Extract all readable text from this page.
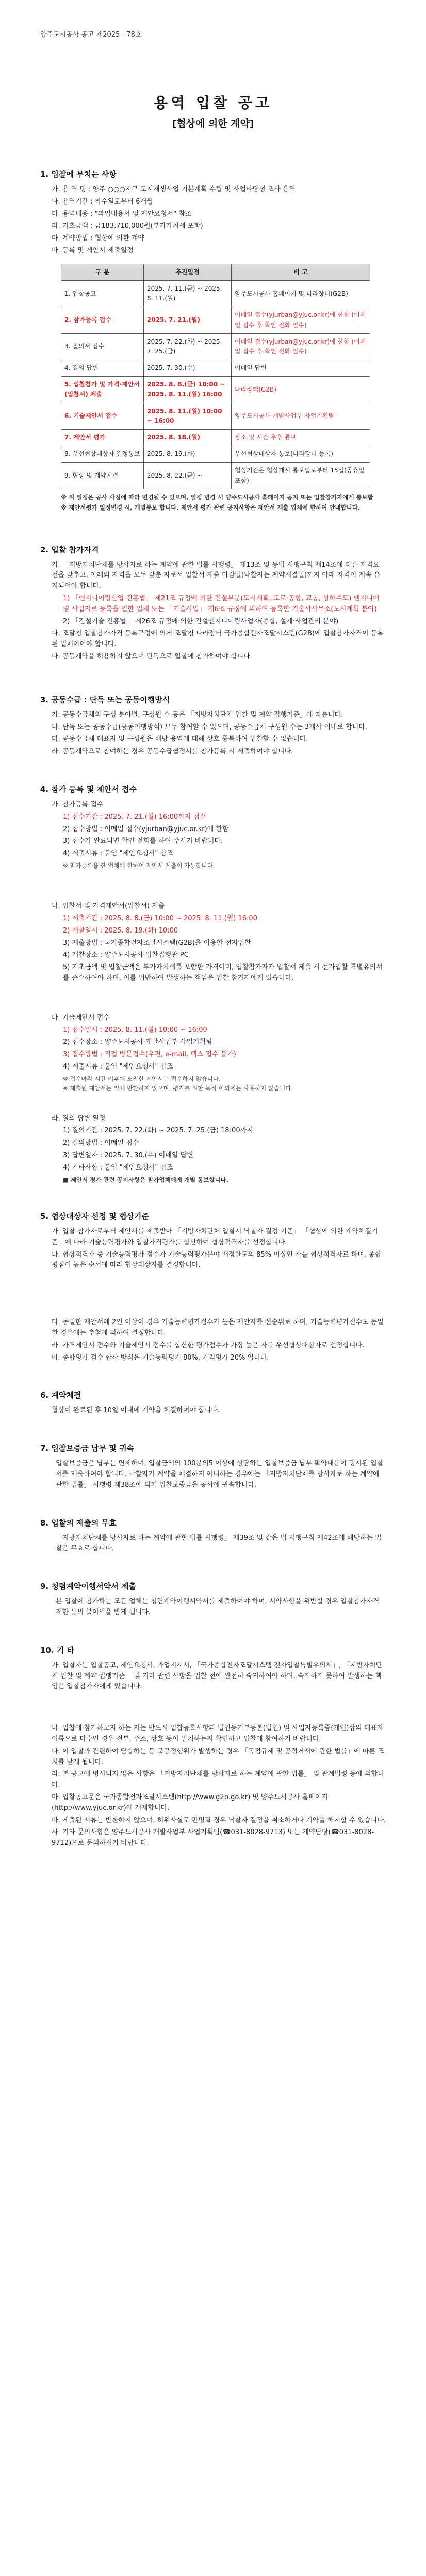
양주도시공사 공고 제2025 - 78호
용역 입찰 공고
[협상에 의한 계약]
1. 입찰에 부치는 사항
가. 용 역 명 : 양주 ○○○지구 도시재생사업 기본계획 수립 및 사업타당성 조사 용역
나. 용역기간 : 착수일로부터 6개월
다. 용역내용 : "과업내용서 및 제안요청서" 참조
라. 기초금액 : 금183,710,000원(부가가치세 포함)
마. 계약방법 : 협상에 의한 계약
바. 등록 및 제안서 제출일정
구 분	추진일정	비 고
1. 입찰공고	2025. 7. 11.(금) ~ 2025. 8. 11.(월)	양주도시공사 홈페이지 및 나라장터(G2B)
2. 참가등록 접수	2025. 7. 21.(월)	이메일 접수(yjurban@yjuc.or.kr)에 한함 (이메일 접수 후 확인 전화 필수)
3. 질의서 접수	2025. 7. 22.(화) ~ 2025. 7. 25.(금)	이메일 접수(yjurban@yjuc.or.kr)에 한함 (이메일 접수 후 확인 전화 필수)
4. 질의 답변	2025. 7. 30.(수)	이메일 답변
5. 입찰참가 및 가격·제안서(입찰서) 제출	2025. 8. 8.(금) 10:00 ~ 2025. 8. 11.(월) 16:00	나라장터(G2B)
6. 기술제안서 접수	2025. 8. 11.(월) 10:00 ~ 16:00	양주도시공사 개발사업부 사업기획팀
7. 제안서 평가	2025. 8. 18.(월)	장소 및 시간 추후 통보
8. 우선협상대상자 결정통보	2025. 8. 19.(화)	우선협상대상자 통보(나라장터 등록)
9. 협상 및 계약체결	2025. 8. 22.(금) ~	협상기간은 협상개시 통보일로부터 15일(공휴일포함)
※ 위 일정은 공사 사정에 따라 변경될 수 있으며, 일정 변경 시 양주도시공사 홈페이지 공지 또는 입찰참가자에게 통보함
※ 제안서평가 일정변경 시, 개별통보 합니다. 제안서 평가 관련 공지사항은 제안서 제출 업체에 한하여 안내합니다.
2. 입찰 참가자격
가. 「지방자치단체를 당사자로 하는 계약에 관한 법률 시행령」 제13조 및 동법 시행규칙 제14조에 따른 자격요건을 갖추고, 아래의 자격을 모두 갖춘 자로서 입찰서 제출 마감일(낙찰자는 계약체결일)까지 아래 자격이 계속 유지되어야 합니다.
1) 「엔지니어링산업 진흥법」 제21조 규정에 의한 건설부문(도시계획, 도로·공항, 교통, 상하수도) 엔지니어링 사업자로 등록을 필한 업체 또는 「기술사법」 제6조 규정에 의하여 등록한 기술사사무소(도시계획 분야)
2) 「건설기술 진흥법」 제26조 규정에 의한 건설엔지니어링사업자(종합, 설계·사업관리 분야)
나. 조달청 입찰참가자격 등록규정에 의거 조달청 나라장터 국가종합전자조달시스템(G2B)에 입찰참가자격이 등록된 업체이어야 합니다.
다. 공동계약을 허용하지 않으며 단독으로 입찰에 참가하여야 합니다.
3. 공동수급 : 단독 또는 공동이행방식
가. 공동수급체의 구성 분야별, 구성원 수 등은 「지방자치단체 입찰 및 계약 집행기준」에 따릅니다.
나. 단독 또는 공동수급(공동이행방식) 모두 참여할 수 있으며, 공동수급체 구성원 수는 3개사 이내로 합니다.
다. 공동수급체 대표자 및 구성원은 해당 용역에 대해 상호 중복하여 입찰할 수 없습니다.
라. 공동계약으로 참여하는 경우 공동수급협정서를 참가등록 시 제출하여야 합니다.
4. 참가 등록 및 제안서 접수
가. 참가등록 접수
1) 접수기간 : 2025. 7. 21.(월) 16:00까지 접수
2) 접수방법 : 이메일 접수(yjurban@yjuc.or.kr)에 한함
3) 접수가 완료되면 확인 전화를 하여 주시기 바랍니다.
4) 제출서류 : 붙임 "제안요청서" 참조
※ 참가등록을 한 업체에 한하여 제안서 제출이 가능합니다.
나. 입찰서 및 가격제안서(입찰서) 제출
1) 제출기간 : 2025. 8. 8.(금) 10:00 ~ 2025. 8. 11.(월) 16:00
2) 개찰일시 : 2025. 8. 19.(화) 10:00
3) 제출방법 : 국가종합전자조달시스템(G2B)을 이용한 전자입찰
4) 개찰장소 : 양주도시공사 입찰집행관 PC
5) 기초금액 및 입찰금액은 부가가치세를 포함한 가격이며, 입찰참가자가 입찰서 제출 시 전자입찰 특별유의서를 준수하여야 하며, 이를 위반하여 발생하는 책임은 입찰 참가자에게 있습니다.
다. 기술제안서 접수
1) 접수일시 : 2025. 8. 11.(월) 10:00 ~ 16:00
2) 접수장소 : 양주도시공사 개발사업부 사업기획팀
3) 접수방법 : 직접 방문접수(우편, e-mail, 팩스 접수 불가)
4) 제출서류 : 붙임 "제안요청서" 참조
※ 접수마감 시간 이후에 도착한 제안서는 접수하지 않습니다.
※ 제출된 제안서는 일체 반환하지 않으며, 평가를 위한 목적 이외에는 사용하지 않습니다.
라. 질의 답변 일정
1) 질의기간 : 2025. 7. 22.(화) ~ 2025. 7. 25.(금) 18:00까지
2) 질의방법 : 이메일 접수
3) 답변일자 : 2025. 7. 30.(수) 이메일 답변
4) 기타사항 : 붙임 "제안요청서" 참조
■ 제안서 평가 관련 공지사항은 참가업체에게 개별 통보합니다.
5. 협상대상자 선정 및 협상기준
가. 입찰 참가자로부터 제안서를 제출받아 「지방자치단체 입찰시 낙찰자 결정 기준」 「협상에 의한 계약체결기준」에 따라 기술능력평가와 입찰가격평가를 합산하여 협상적격자를 선정합니다.
나. 협상적격자 중 기술능력평가 점수가 기술능력평가분야 배점한도의 85% 이상인 자를 협상적격자로 하며, 종합평점이 높은 순서에 따라 협상대상자를 결정합니다.
다. 동일한 제안서에 2인 이상이 경우 기술능력평가점수가 높은 제안자를 선순위로 하며, 기술능력평가점수도 동일한 경우에는 추첨에 의하여 결정합니다.
라. 가격제안서 점수와 기술제안서 점수를 합산한 평가점수가 가장 높은 자를 우선협상대상자로 선정합니다.
마. 종합평가 점수 합산 방식은 기술능력평가 80%, 가격평가 20% 입니다.
6. 계약체결
협상이 완료된 후 10일 이내에 계약을 체결하여야 합니다.
7. 입찰보증금 납부 및 귀속
입찰보증금은 납부는 면제하며, 입찰금액의 100분의5 이상에 상당하는 입찰보증금 납부 확약내용이 명시된 입찰서를 제출하여야 합니다. 낙찰자가 계약을 체결하지 아니하는 경우에는 「지방자치단체를 당사자로 하는 계약에 관한 법률」 시행령 제38조에 의거 입찰보증금을 공사에 귀속합니다.
8. 입찰의 제출의 무효
「지방자치단체를 당사자로 하는 계약에 관한 법률 시행령」 제39조 및 같은 법 시행규칙 제42조에 해당하는 입찰은 무효로 합니다.
9. 청렴계약이행서약서 제출
본 입찰에 참가하는 모든 업체는 청렴계약이행서약서를 제출하여야 하며, 서약사항을 위반할 경우 입찰참가자격 제한 등의 불이익을 받게 됩니다.
10. 기 타
가. 입찰자는 입찰공고, 제안요청서, 과업지시서, 「국가종합전자조달시스템 전자입찰특별유의서」, 「지방자치단체 입찰 및 계약 집행기준」 및 기타 관련 사항을 입찰 전에 완전히 숙지하여야 하며, 숙지하지 못하여 발생하는 책임은 입찰참가자에게 있습니다.
나. 입찰에 참가하고자 하는 자는 반드시 입찰등록사항과 법인등기부등본(법인) 및 사업자등록증(개인)상의 대표자이름으로 다수인 경우 전부, 주소, 상호 등이 일치하는지 확인하고 입찰에 참여하기 바랍니다.
다. 이 입찰과 관련하여 담합하는 등 불공정행위가 발생하는 경우 「독점규제 및 공정거래에 관한 법률」에 따른 조치를 받게 됩니다.
라. 본 공고에 명시되지 않은 사항은 「지방자치단체를 당사자로 하는 계약에 관한 법률」 및 관계법령 등에 의합니다.
마. 입찰공고문은 국가종합전자조달시스템(http://www.g2b.go.kr) 및 양주도시공사 홈페이지(http://www.yjuc.or.kr)에 게재합니다.
바. 제출된 서류는 반환하지 않으며, 허위사실로 판명될 경우 낙찰자 결정을 취소하거나 계약을 해지할 수 있습니다.
사. 기타 문의사항은 양주도시공사 개발사업부 사업기획팀(☎031-8028-9713) 또는 계약담당(☎031-8028-9712)으로 문의하시기 바랍니다.
